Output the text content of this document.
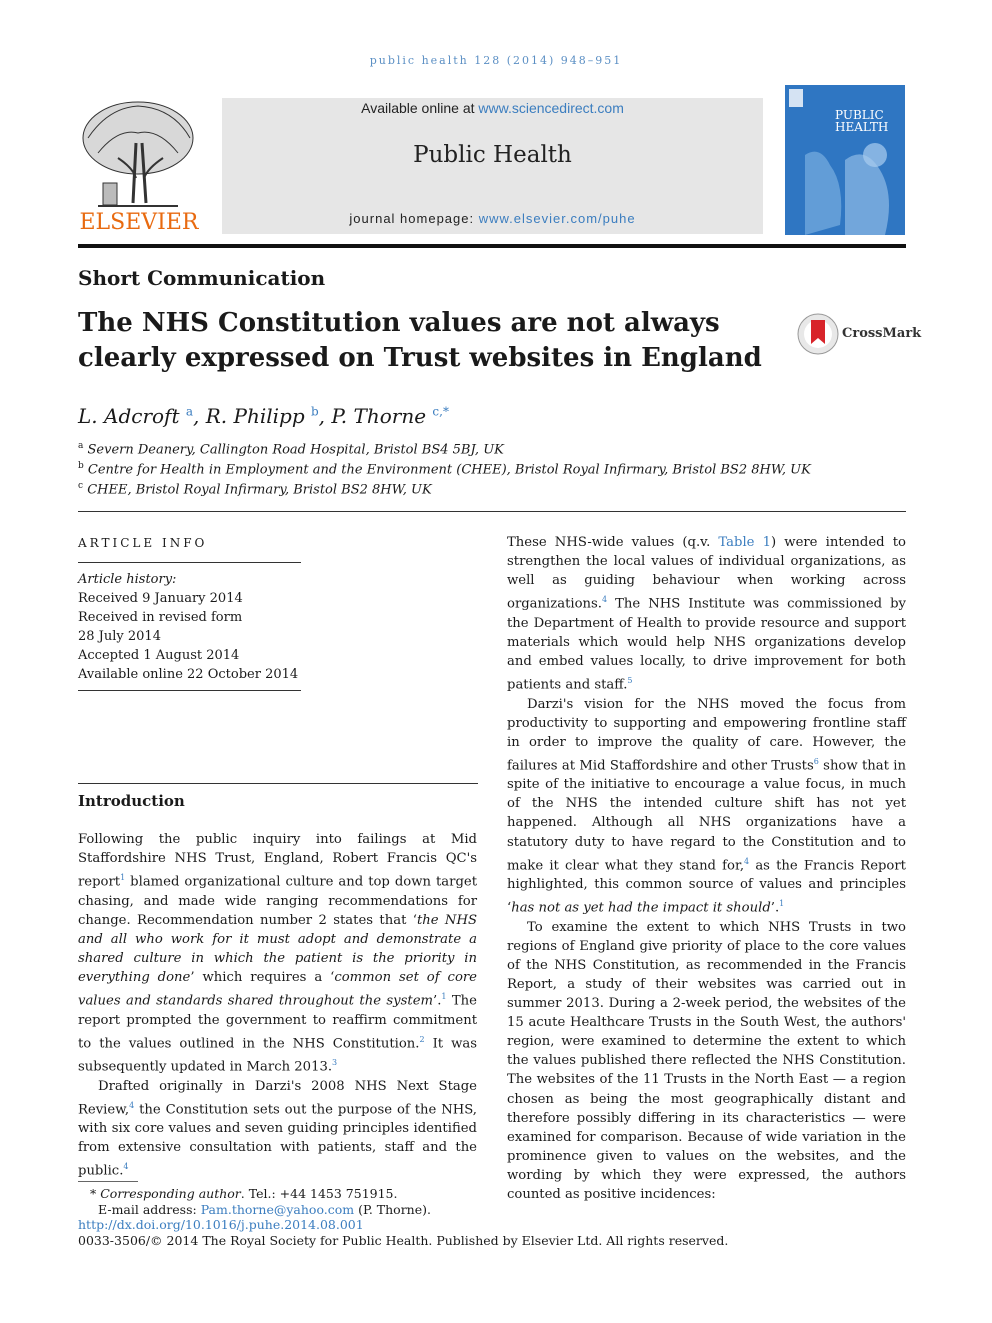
public health 128 (2014) 948–951
ELSEVIER
Available online at www.sciencedirect.com
Public Health
journal homepage: www.elsevier.com/puhe
PUBLIC
HEALTH
Short Communication
The NHS Constitution values are not always clearly expressed on Trust websites in England
CrossMark
L. Adcroft $^a$, R. Philipp $^b$, P. Thorne $^{c,*}$
$^a$ Severn Deanery, Callington Road Hospital, Bristol BS4 5BJ, UK
$^b$ Centre for Health in Employment and the Environment (CHEE), Bristol Royal Infirmary, Bristol BS2 8HW, UK
$^c$ CHEE, Bristol Royal Infirmary, Bristol BS2 8HW, UK
ARTICLE INFO
Article history:
Received 9 January 2014
Received in revised form
28 July 2014
Accepted 1 August 2014
Available online 22 October 2014
Introduction

Following the public inquiry into failings at Mid Staffordshire NHS Trust, England, Robert Francis QC's report$^1$ blamed organizational culture and top down target chasing, and made wide ranging recommendations for change. Recommendation number 2 states that ‘the NHS and all who work for it must adopt and demonstrate a shared culture in which the patient is the priority in everything done’ which requires a ‘common set of core values and standards shared throughout the system’.$^1$ The report prompted the government to reaffirm commitment to the values outlined in the NHS Constitution.$^2$ It was subsequently updated in March 2013.$^3$

Drafted originally in Darzi's 2008 NHS Next Stage Review,$^4$ the Constitution sets out the purpose of the NHS, with six core values and seven guiding principles identified from extensive consultation with patients, staff and the public.$^4$

These NHS-wide values (q.v. Table 1) were intended to strengthen the local values of individual organizations, as well as guiding behaviour when working across organizations.$^4$ The NHS Institute was commissioned by the Department of Health to provide resource and support materials which would help NHS organizations develop and embed values locally, to drive improvement for both patients and staff.$^5$

Darzi's vision for the NHS moved the focus from productivity to supporting and empowering frontline staff in order to improve the quality of care. However, the failures at Mid Staffordshire and other Trusts$^6$ show that in spite of the initiative to encourage a value focus, in much of the NHS the intended culture shift has not yet happened. Although all NHS organizations have a statutory duty to have regard to the Constitution and to make it clear what they stand for,$^4$ as the Francis Report highlighted, this common source of values and principles ‘has not as yet had the impact it should’.$^1$

To examine the extent to which NHS Trusts in two regions of England give priority of place to the core values of the NHS Constitution, as recommended in the Francis Report, a study of their websites was carried out in summer 2013. During a 2-week period, the websites of the 15 acute Healthcare Trusts in the South West, the authors' region, were examined to determine the extent to which the values published there reflected the NHS Constitution. The websites of the 11 Trusts in the North East — a region chosen as being the most geographically distant and therefore possibly differing in its characteristics — were examined for comparison. Because of wide variation in the prominence given to values on the websites, and the wording by which they were expressed, the authors counted as positive incidences:

* Corresponding author. Tel.: +44 1453 751915.
E-mail address: Pam.thorne@yahoo.com (P. Thorne).
http://dx.doi.org/10.1016/j.puhe.2014.08.001
0033-3506/© 2014 The Royal Society for Public Health. Published by Elsevier Ltd. All rights reserved.
